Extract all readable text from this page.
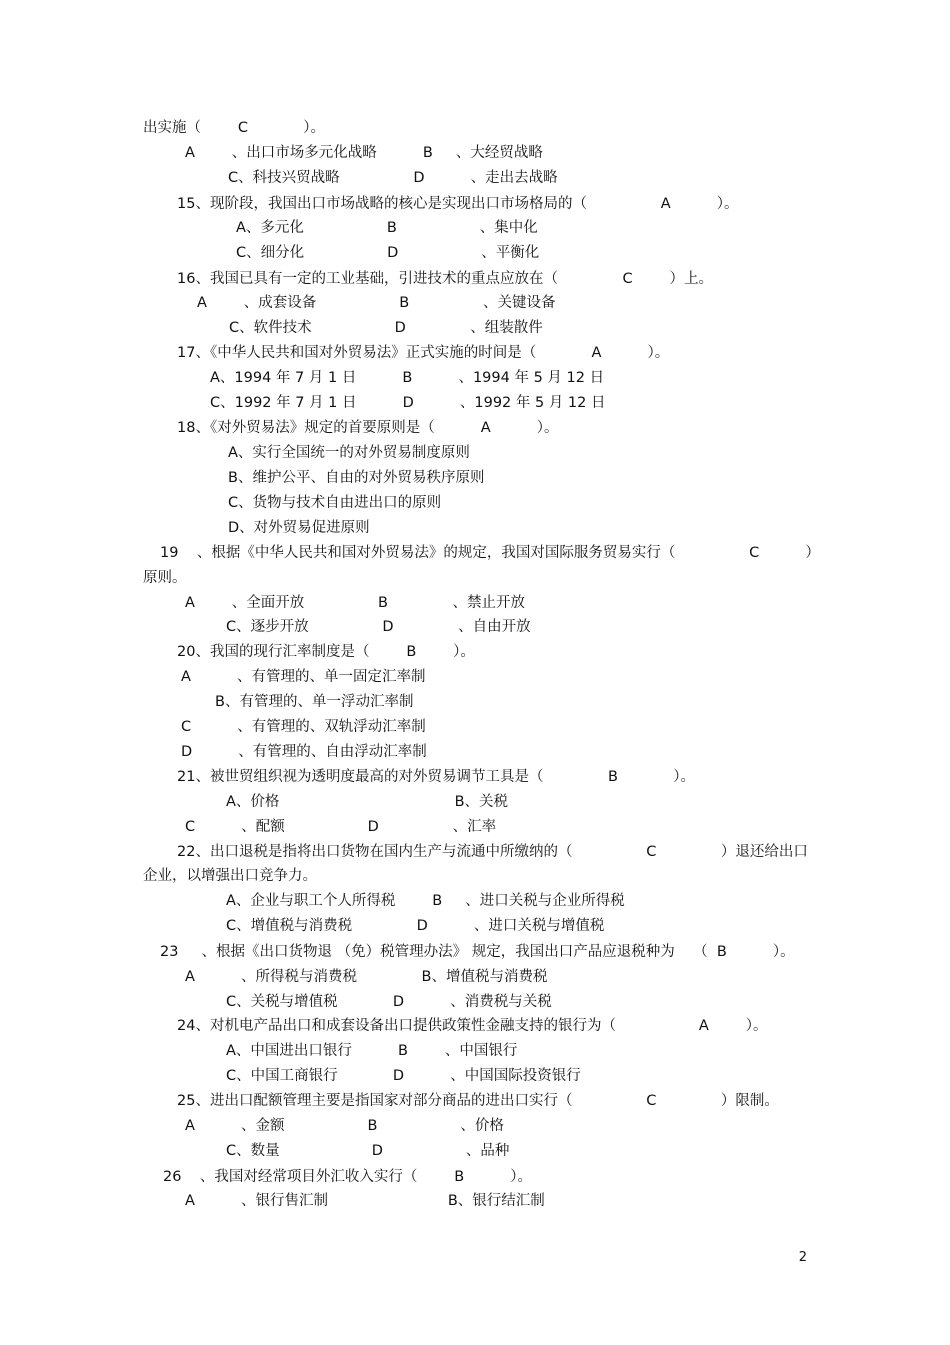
出实施（        C            ）。
A        、出口市场多元化战略          B     、大经贸战略
C、科技兴贸战略                D          、走出去战略
15、现阶段，我国出口市场战略的核心是实现出口市场格局的（                A          ）。
A、多元化                  B                  、集中化
C、细分化                  D                  、平衡化
16、我国已具有一定的工业基础，引进技术的重点应放在（              C        ）上。
A        、成套设备                  B                、关键设备
C、软件技术                  D              、组装散件
17、《中华人民共和国对外贸易法》正式实施的时间是（            A          ）。
A、1994 年 7 月 1 日          B          、1994 年 5 月 12 日
C、1992 年 7 月 1 日          D          、1992 年 5 月 12 日
18、《对外贸易法》规定的首要原则是（          A          ）。
A、实行全国统一的对外贸易制度原则
B、维护公平、自由的对外贸易秩序原则
C、货物与技术自由进出口的原则
D、对外贸易促进原则
19    、根据《中华人民共和国对外贸易法》的规定，我国对国际服务贸易实行（                C          ）
原则。
A        、全面开放                B              、禁止开放
C、逐步开放                D              、自由开放
20、我国的现行汇率制度是（        B        ）。
A          、有管理的、单一固定汇率制
B、有管理的、单一浮动汇率制
C          、有管理的、双轨浮动汇率制
D          、有管理的、自由浮动汇率制
21、被世贸组织视为透明度最高的对外贸易调节工具是（              B            ）。
A、价格                                      B、关税
C          、配额                  D                、汇率
22、出口退税是指将出口货物在国内生产与流通中所缴纳的（                C              ）退还给出口
企业，以增强出口竞争力。
A、企业与职工个人所得税        B     、进口关税与企业所得税
C、增值税与消费税              D          、进口关税与增值税
23     、根据《出口货物退 （免）税管理办法》 规定，我国出口产品应退税种为    （  B          ）。
A          、所得税与消费税              B、增值税与消费税
C、关税与增值税            D          、消费税与关税
24、对机电产品出口和成套设备出口提供政策性金融支持的银行为（                  A        ）。
A、中国进出口银行          B        、中国银行
C、中国工商银行            D          、中国国际投资银行
25、进出口配额管理主要是指国家对部分商品的进出口实行（                C              ）限制。
A          、金额                  B                  、价格
C、数量                    D                  、品种
26    、我国对经常项目外汇收入实行（        B          ）。
A          、银行售汇制                          B、银行结汇制
2
